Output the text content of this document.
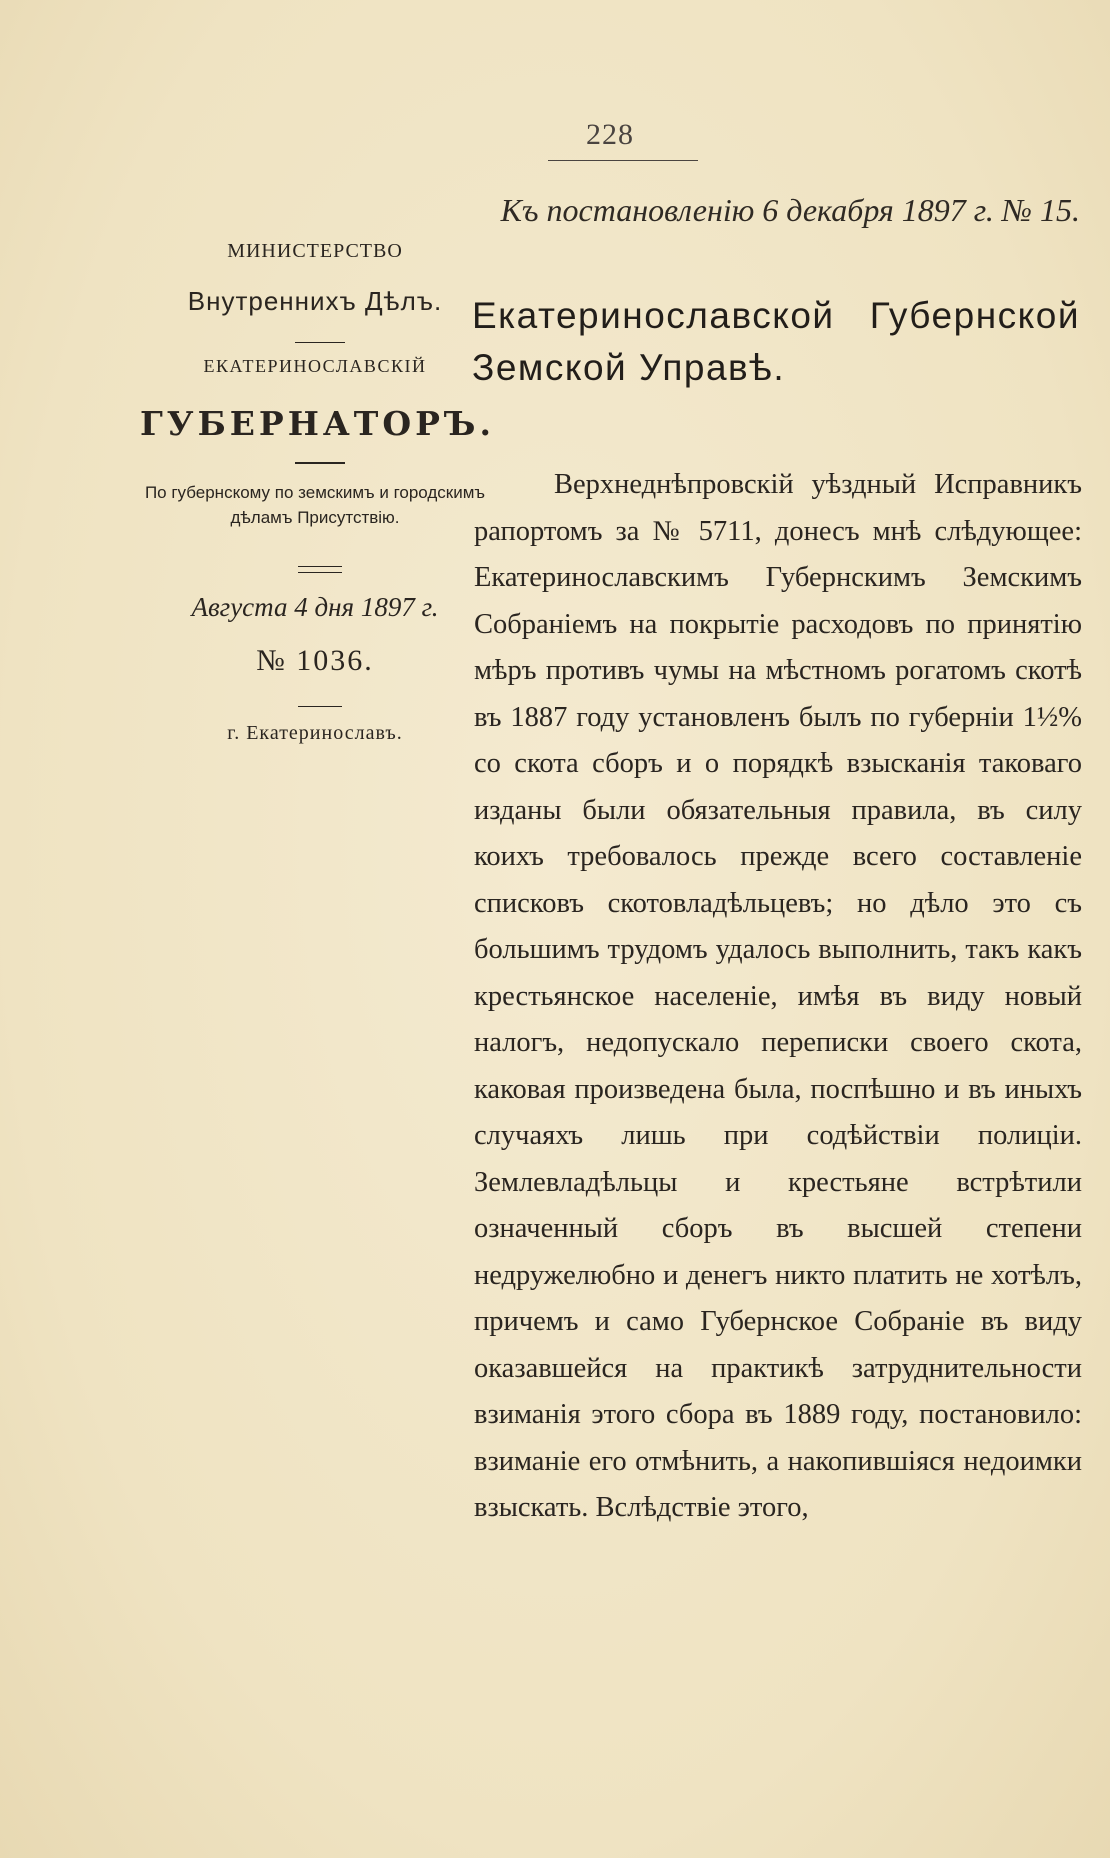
228
Къ постановленію 6 декабря 1897 г. № 15.
МИНИСТЕРСТВО
Внутреннихъ Дѣлъ.
ЕКАТЕРИНОСЛАВСКІЙ
ГУБЕРНАТОРЪ.
По губернскому по земскимъ и городскимъ дѣламъ Присутствію.
Августа 4 дня 1897 г.
№ 1036.
г. Екатеринославъ.
Екатеринославской Губернской Земской Управѣ.

Верхнеднѣпровскій уѣздный Исправникъ рапортомъ за № 5711, донесъ мнѣ слѣдующее: Екатеринославскимъ Губернскимъ Земскимъ Собраніемъ на покрытіе расходовъ по принятію мѣръ противъ чумы на мѣстномъ рогатомъ скотѣ въ 1887 году установленъ былъ по губерніи 1½% со скота сборъ и о порядкѣ взысканія таковаго изданы были обязательныя правила, въ силу коихъ требовалось прежде всего составленіе списковъ скотовладѣльцевъ; но дѣло это съ большимъ трудомъ удалось выполнить, такъ какъ крестьянское населеніе, имѣя въ виду новый налогъ, недопускало переписки своего скота, каковая произведена была, поспѣшно и въ иныхъ случаяхъ лишь при содѣйствіи полиціи. Землевладѣльцы и крестьяне встрѣтили означенный сборъ въ высшей степени недружелюбно и денегъ никто платить не хотѣлъ, причемъ и само Губернское Собраніе въ виду оказавшейся на практикѣ затруднительности взиманія этого сбора въ 1889 году, постановило: взиманіе его отмѣнить, а накопившіяся недоимки взыскать. Вслѣдствіе этого,
